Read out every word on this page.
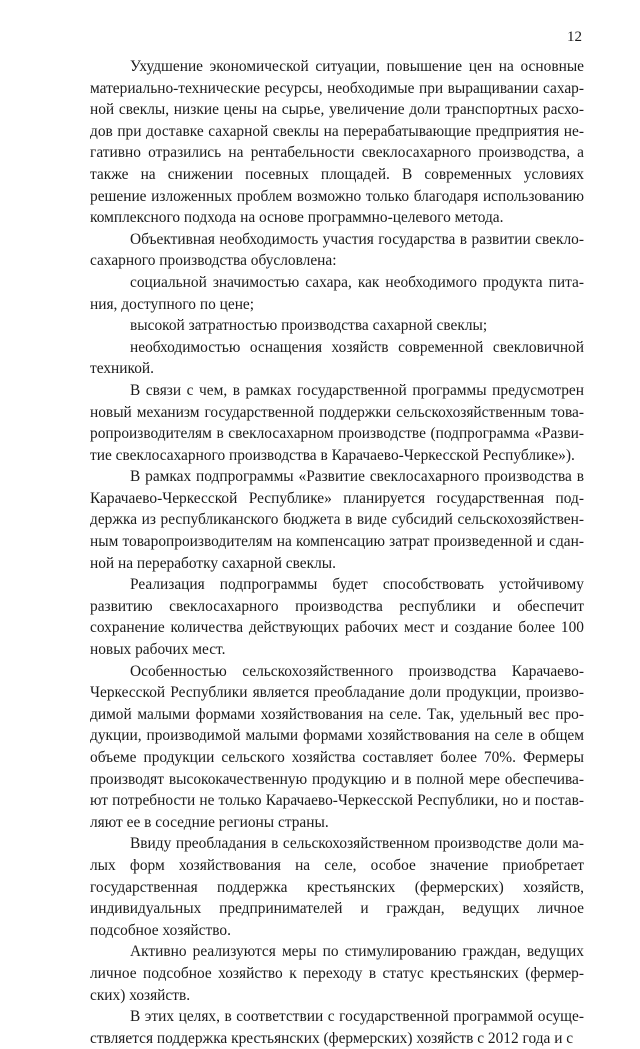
12

Ухудшение экономической ситуации, повышение цен на основные материально-технические ресурсы, необходимые при выращивании сахарной свеклы, низкие цены на сырье, увеличение доли транспортных расходов при доставке сахарной свеклы на перерабатывающие предприятия негативно отразились на рентабельности свеклосахарного производства, а также на снижении посевных площадей. В современных условиях решение изложенных проблем возможно только благодаря использованию комплексного подхода на основе программно-целевого метода.

Объективная необходимость участия государства в развитии свеклосахарного производства обусловлена:

социальной значимостью сахара, как необходимого продукта питания, доступного по цене;

высокой затратностью производства сахарной свеклы;

необходимостью оснащения хозяйств современной свекловичной техникой.

В связи с чем, в рамках государственной программы предусмотрен новый механизм государственной поддержки сельскохозяйственным товаропроизводителям в свеклосахарном производстве (подпрограмма «Развитие свеклосахарного производства в Карачаево-Черкесской Республике»).

В рамках подпрограммы «Развитие свеклосахарного производства в Карачаево-Черкесской Республике» планируется государственная поддержка из республиканского бюджета в виде субсидий сельскохозяйственным товаропроизводителям на компенсацию затрат произведенной и сданной на переработку сахарной свеклы.

Реализация подпрограммы будет способствовать устойчивому развитию свеклосахарного производства республики и обеспечит сохранение количества действующих рабочих мест и создание более 100 новых рабочих мест.

Особенностью сельскохозяйственного производства Карачаево-Черкесской Республики является преобладание доли продукции, производимой малыми формами хозяйствования на селе. Так, удельный вес продукции, производимой малыми формами хозяйствования на селе в общем объеме продукции сельского хозяйства составляет более 70%. Фермеры производят высококачественную продукцию и в полной мере обеспечивают потребности не только Карачаево-Черкесской Республики, но и поставляют ее в соседние регионы страны.

Ввиду преобладания в сельскохозяйственном производстве доли малых форм хозяйствования на селе, особое значение приобретает государственная поддержка крестьянских (фермерских) хозяйств, индивидуальных предпринимателей и граждан, ведущих личное подсобное хозяйство.

Активно реализуются меры по стимулированию граждан, ведущих личное подсобное хозяйство к переходу в статус крестьянских (фермерских) хозяйств.

В этих целях, в соответствии с государственной программой осуществляется поддержка крестьянских (фермерских) хозяйств с 2012 года и с
